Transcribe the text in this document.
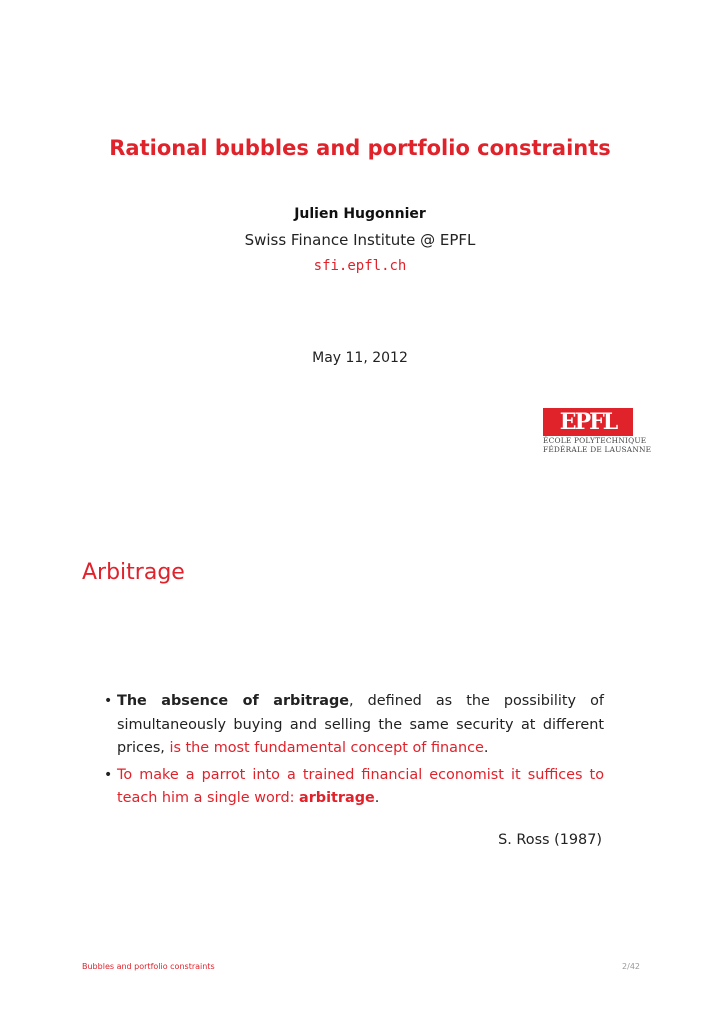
Rational bubbles and portfolio constraints
Julien Hugonnier
Swiss Finance Institute @ EPFL
sfi.epfl.ch
May 11, 2012
EPFL
ÉCOLE POLYTECHNIQUE
FÉDÉRALE DE LAUSANNE
Arbitrage
• The absence of arbitrage, defined as the possibility of simultaneously buying and selling the same security at different prices, is the most fundamental concept of finance.
• To make a parrot into a trained financial economist it suffices to teach him a single word: arbitrage.
S. Ross (1987)
Bubbles and portfolio constraints	2/42
